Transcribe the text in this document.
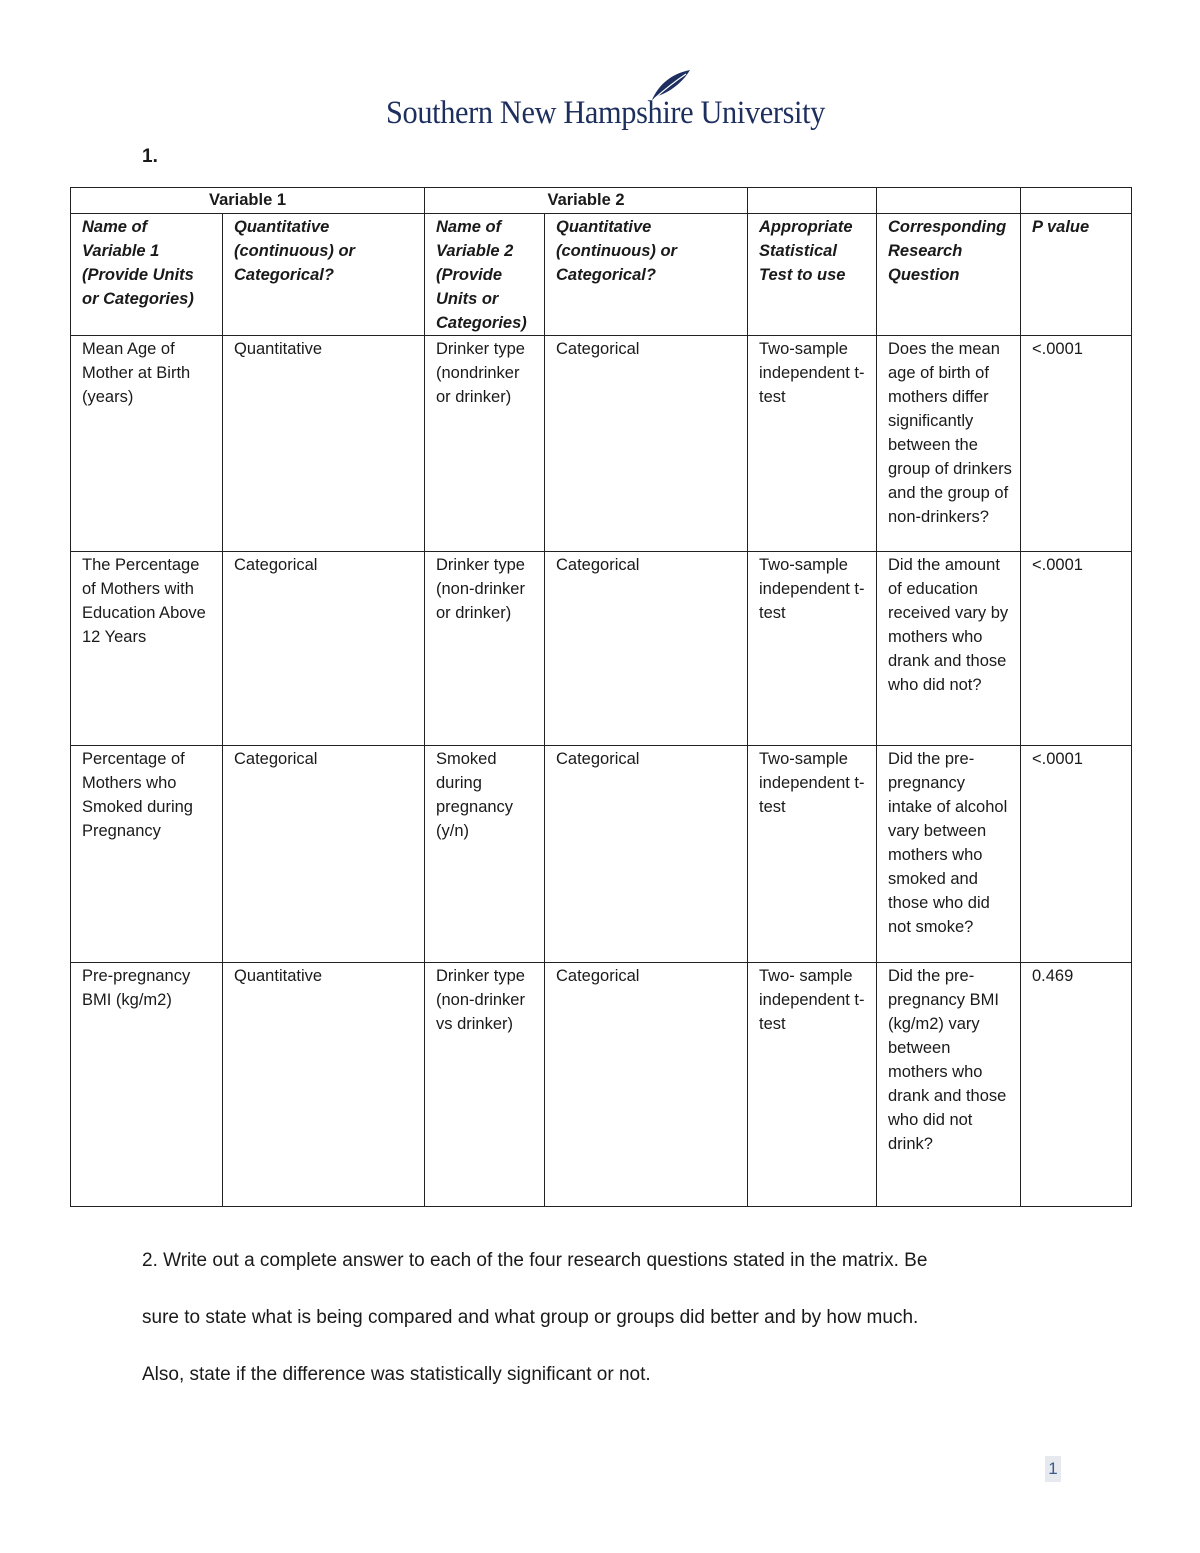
Southern New Hampshire University
1.
Variable 1		Variable 2				
Name of Variable 1 (Provide Units or Categories)	Quantitative (continuous) or Categorical?	Name of Variable 2 (Provide Units or Categories)	Quantitative (continuous) or Categorical?	Appropriate Statistical Test to use	Corresponding Research Question	P value
Mean Age of Mother at Birth (years)	Quantitative	Drinker type (nondrinker or drinker)	Categorical	Two-sample independent t-test	Does the mean age of birth of mothers differ significantly between the group of drinkers and the group of non-drinkers?	<.0001
The Percentage of Mothers with Education Above 12 Years	Categorical	Drinker type (non-drinker or drinker)	Categorical	Two-sample independent t-test	Did the amount of education received vary by mothers who drank and those who did not?	<.0001
Percentage of Mothers who Smoked during Pregnancy	Categorical	Smoked during pregnancy (y/n)	Categorical	Two-sample independent t-test	Did the pre-pregnancy intake of alcohol vary between mothers who smoked and those who did not smoke?	<.0001
Pre-pregnancy BMI (kg/m2)	Quantitative	Drinker type (non-drinker vs drinker)	Categorical	Two- sample independent t-test	Did the pre-pregnancy BMI (kg/m2) vary between mothers who drank and those who did not drink?	0.469

2. Write out a complete answer to each of the four research questions stated in the matrix. Be

sure to state what is being compared and what group or groups did better and by how much.

Also, state if the difference was statistically significant or not.

1
